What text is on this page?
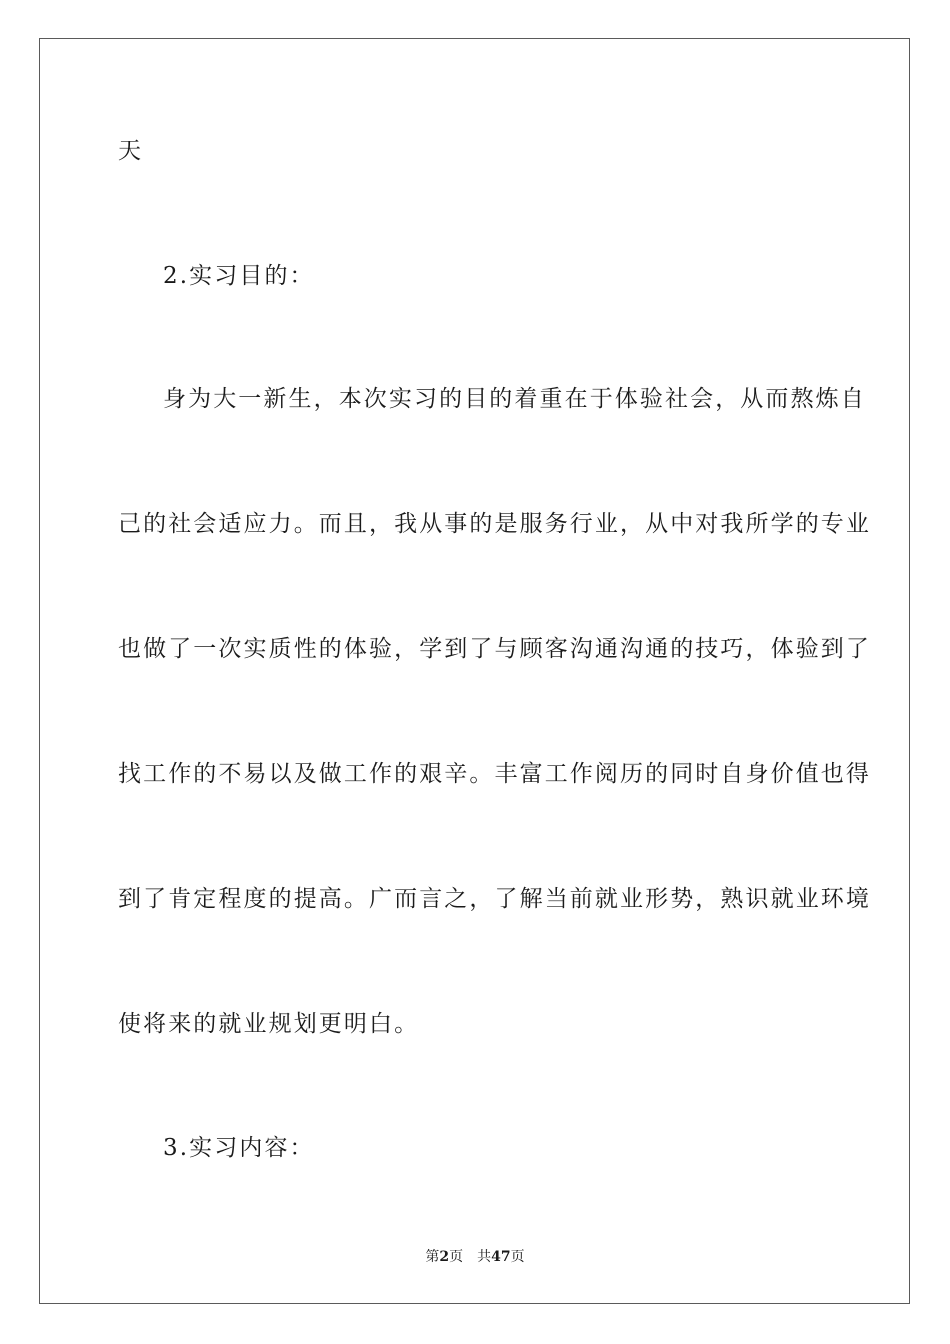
天
2.实习目的：
身为大一新生，本次实习的目的着重在于体验社会，从而熬炼自
己的社会适应力。而且，我从事的是服务行业，从中对我所学的专业
也做了一次实质性的体验，学到了与顾客沟通沟通的技巧，体验到了
找工作的不易以及做工作的艰辛。丰富工作阅历的同时自身价值也得
到了肯定程度的提高。广而言之，了解当前就业形势，熟识就业环境
使将来的就业规划更明白。
3.实习内容：
第2页 共47页
